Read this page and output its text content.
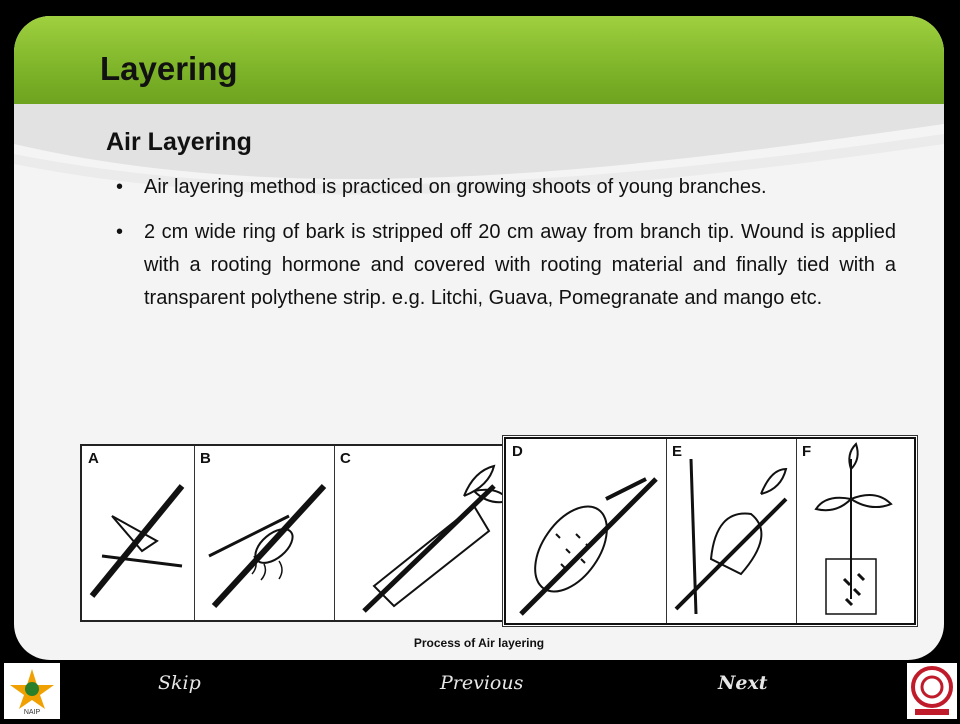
Layering
Air Layering
• Air layering method is practiced on growing shoots of young branches.
• 2 cm wide ring of bark is stripped off 20 cm away from branch tip. Wound is applied with a rooting hormone and covered with rooting material and finally tied with a transparent polythene strip. e.g. Litchi, Guava, Pomegranate and mango etc.
A	B	C	D	E	F
Process of Air layering
Skip	Previous	Next
NAIP
